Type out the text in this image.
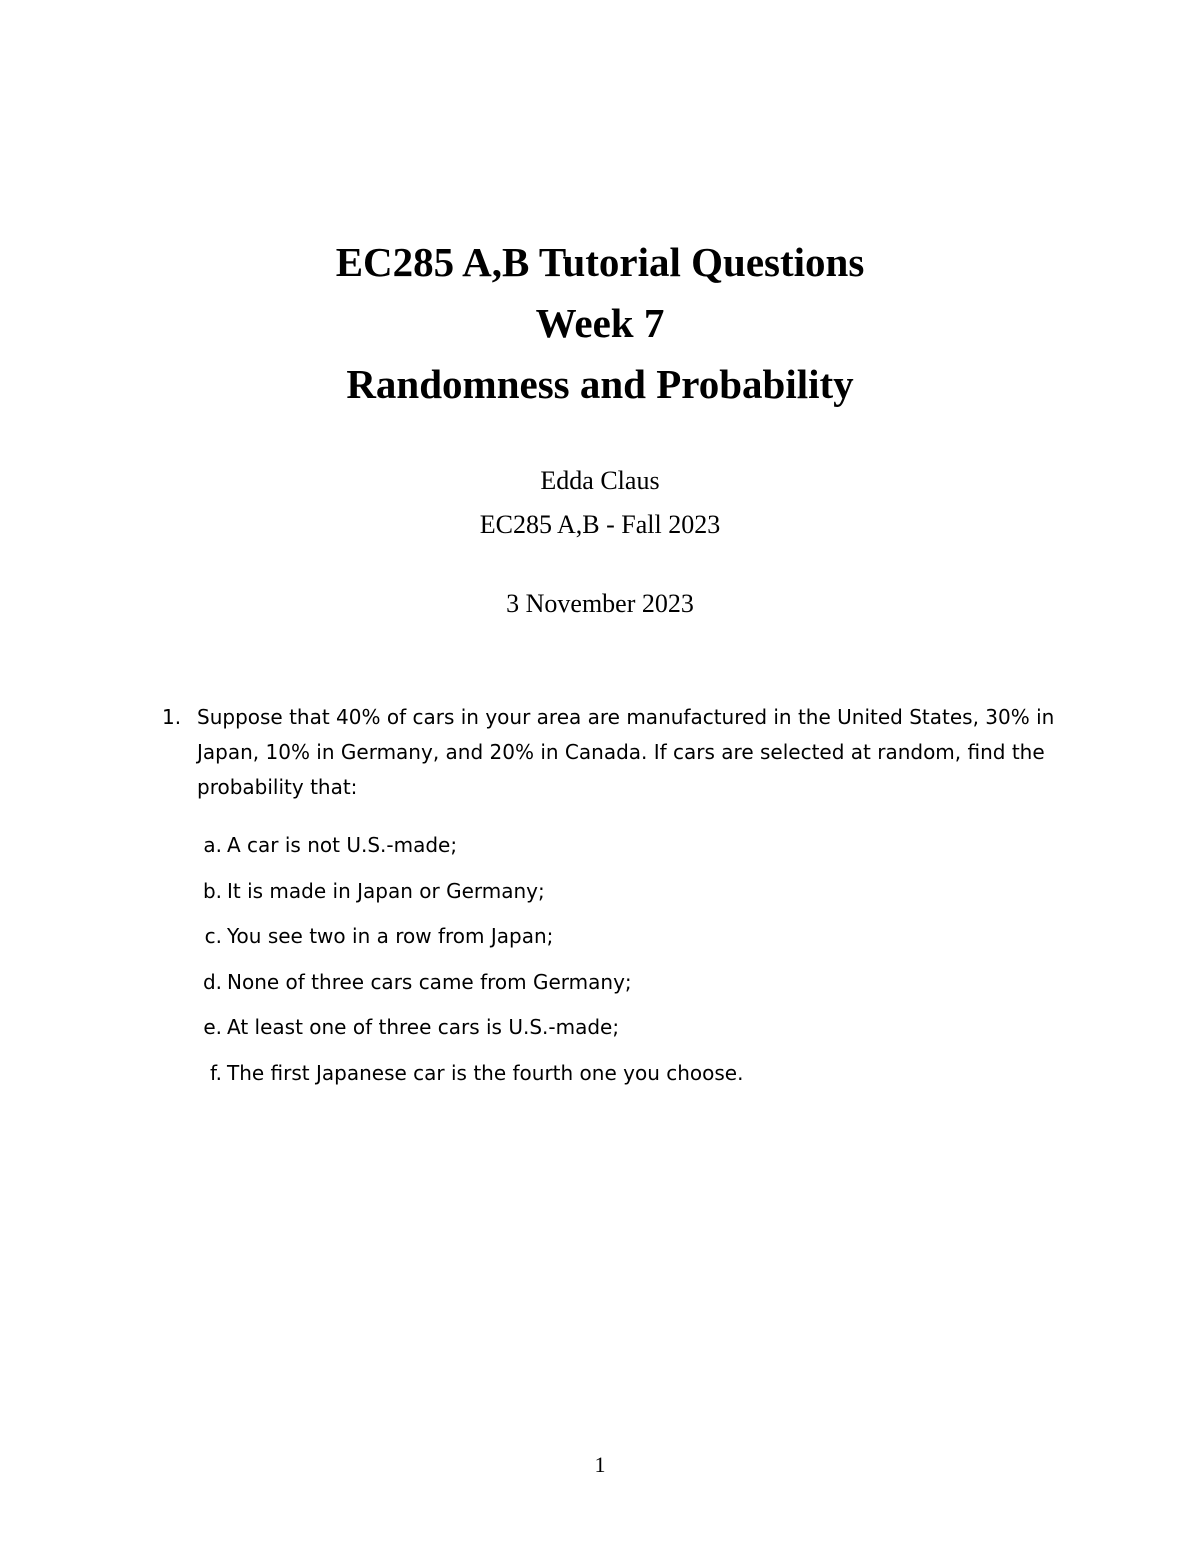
EC285 A,B Tutorial Questions

Week 7

Randomness and Probability

Edda Claus
EC285 A,B - Fall 2023
3 November 2023
1. Suppose that 40% of cars in your area are manufactured in the United States, 30% in Japan, 10% in Germany, and 20% in Canada. If cars are selected at random, find the probability that:
a. A car is not U.S.-made;
b. It is made in Japan or Germany;
c. You see two in a row from Japan;
d. None of three cars came from Germany;
e. At least one of three cars is U.S.-made;
f. The first Japanese car is the fourth one you choose.
1
